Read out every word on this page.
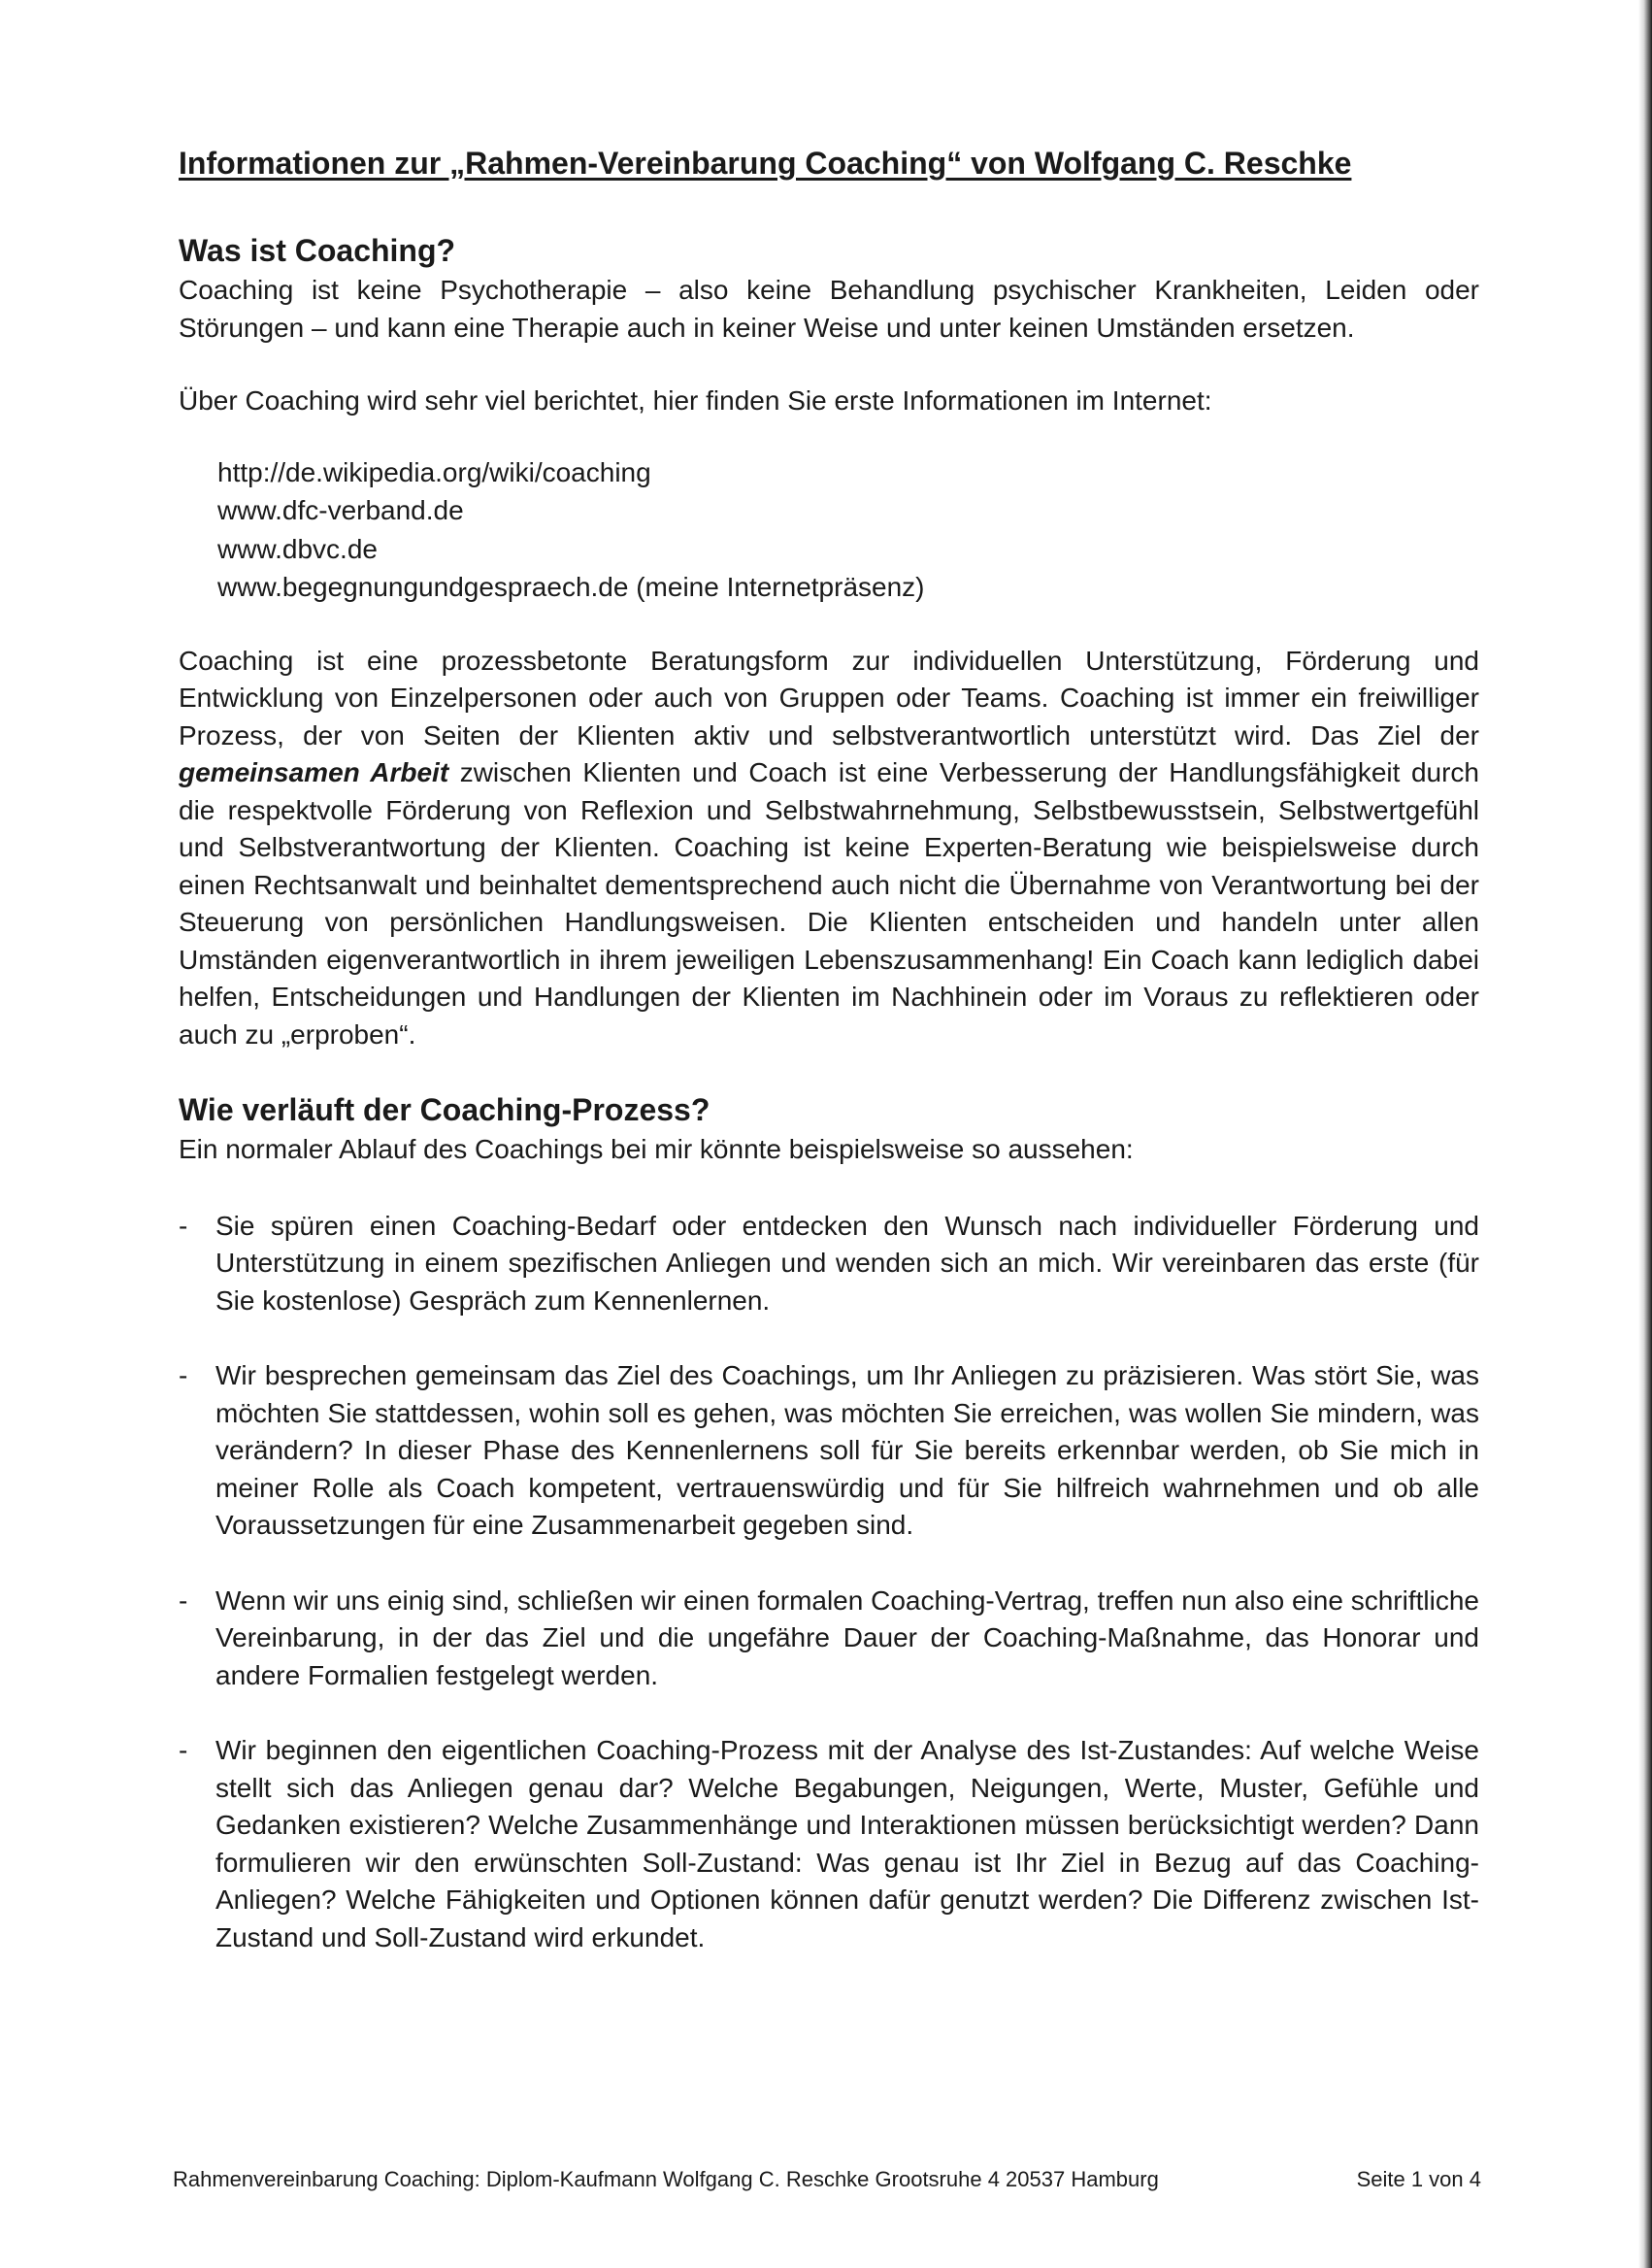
Informationen zur „Rahmen-Vereinbarung Coaching“ von Wolfgang C. Reschke
Was ist Coaching?

Coaching ist keine Psychotherapie – also keine Behandlung psychischer Krankheiten, Leiden oder Störungen – und kann eine Therapie auch in keiner Weise und unter keinen Umständen ersetzen.

Über Coaching wird sehr viel berichtet, hier finden Sie erste Informationen im Internet:

http://de.wikipedia.org/wiki/coaching
www.dfc-verband.de
www.dbvc.de
www.begegnungundgespraech.de (meine Internetpräsenz)

Coaching ist eine prozessbetonte Beratungsform zur individuellen Unterstützung, Förderung und Entwicklung von Einzelpersonen oder auch von Gruppen oder Teams. Coaching ist immer ein freiwilliger Prozess, der von Seiten der Klienten aktiv und selbstverantwortlich unterstützt wird. Das Ziel der gemeinsamen Arbeit zwischen Klienten und Coach ist eine Verbesserung der Handlungsfähigkeit durch die respektvolle Förderung von Reflexion und Selbstwahrnehmung, Selbstbewusstsein, Selbstwertgefühl und Selbstverantwortung der Klienten. Coaching ist keine Experten-Beratung wie beispielsweise durch einen Rechtsanwalt und beinhaltet dementsprechend auch nicht die Übernahme von Verantwortung bei der Steuerung von persönlichen Handlungsweisen. Die Klienten entscheiden und handeln unter allen Umständen eigenverantwortlich in ihrem jeweiligen Lebenszusammenhang! Ein Coach kann lediglich dabei helfen, Entscheidungen und Handlungen der Klienten im Nachhinein oder im Voraus zu reflektieren oder auch zu „erproben“.

Wie verläuft der Coaching-Prozess?

Ein normaler Ablauf des Coachings bei mir könnte beispielsweise so aussehen:

- Sie spüren einen Coaching-Bedarf oder entdecken den Wunsch nach individueller Förderung und Unterstützung in einem spezifischen Anliegen und wenden sich an mich. Wir vereinbaren das erste (für Sie kostenlose) Gespräch zum Kennenlernen.
- Wir besprechen gemeinsam das Ziel des Coachings, um Ihr Anliegen zu präzisieren. Was stört Sie, was möchten Sie stattdessen, wohin soll es gehen, was möchten Sie erreichen, was wollen Sie mindern, was verändern? In dieser Phase des Kennenlernens soll für Sie bereits erkennbar werden, ob Sie mich in meiner Rolle als Coach kompetent, vertrauenswürdig und für Sie hilfreich wahrnehmen und ob alle Voraussetzungen für eine Zusammenarbeit gegeben sind.
- Wenn wir uns einig sind, schließen wir einen formalen Coaching-Vertrag, treffen nun also eine schriftliche Vereinbarung, in der das Ziel und die ungefähre Dauer der Coaching-Maßnahme, das Honorar und andere Formalien festgelegt werden.
- Wir beginnen den eigentlichen Coaching-Prozess mit der Analyse des Ist-Zustandes: Auf welche Weise stellt sich das Anliegen genau dar? Welche Begabungen, Neigungen, Werte, Muster, Gefühle und Gedanken existieren? Welche Zusammenhänge und Interaktionen müssen berücksichtigt werden? Dann formulieren wir den erwünschten Soll-Zustand: Was genau ist Ihr Ziel in Bezug auf das Coaching-Anliegen? Welche Fähigkeiten und Optionen können dafür genutzt werden? Die Differenz zwischen Ist-Zustand und Soll-Zustand wird erkundet.
Rahmenvereinbarung Coaching: Diplom-Kaufmann Wolfgang C. Reschke Grootsruhe 4 20537 Hamburg	Seite 1 von 4
